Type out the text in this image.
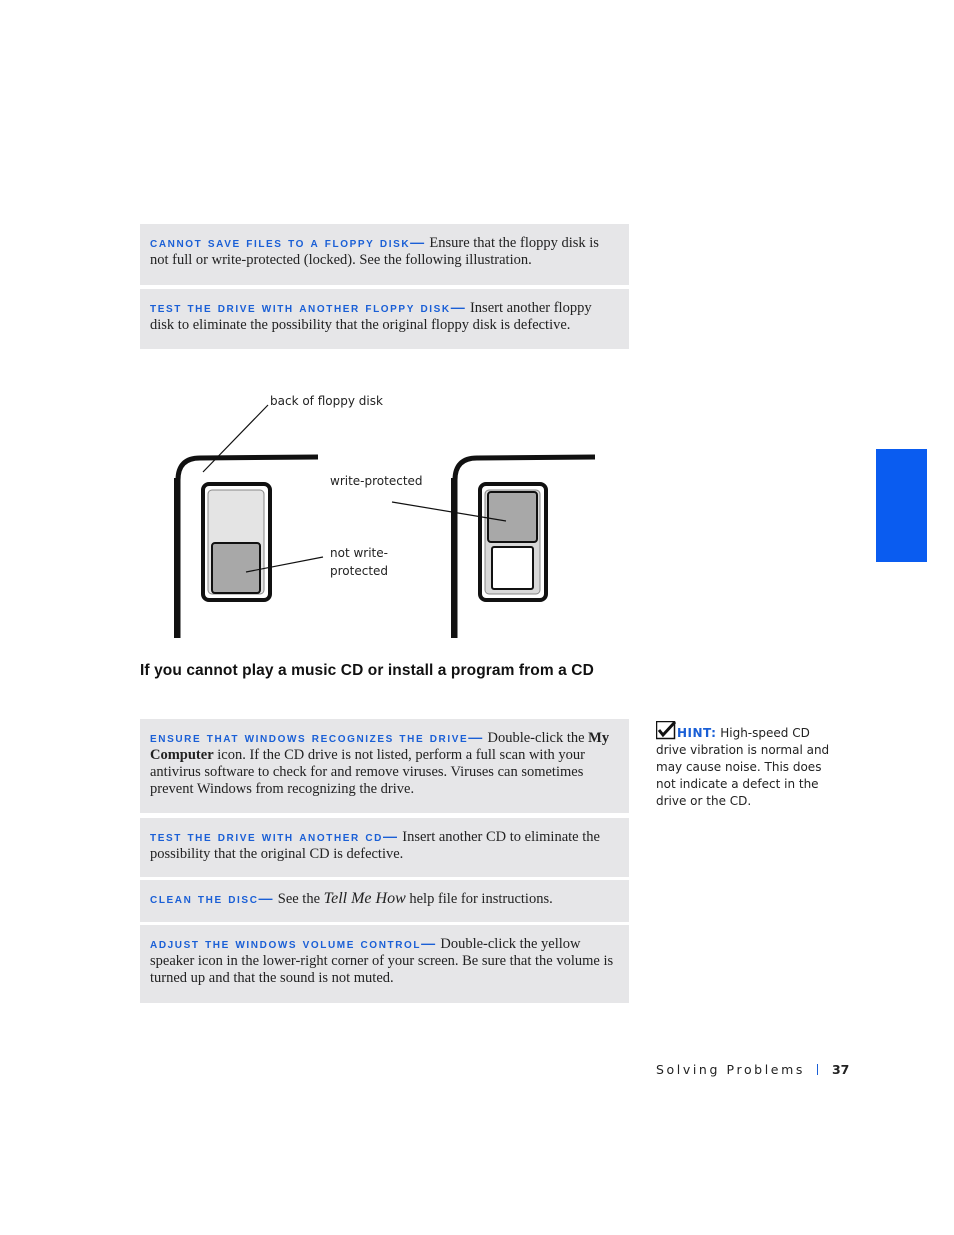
cannot save files to a floppy disk— Ensure that the floppy disk is not full or write-protected (locked). See the following illustration.
test the drive with another floppy disk— Insert another floppy disk to eliminate the possibility that the original floppy disk is defective.
back of floppy disk
write-protected
not write-
protected
If you cannot play a music CD or install a program from a CD
ensure that windows recognizes the drive— Double-click the My Computer icon. If the CD drive is not listed, perform a full scan with your antivirus software to check for and remove viruses. Viruses can sometimes prevent Windows from recognizing the drive.
test the drive with another cd— Insert another CD to eliminate the possibility that the original CD is defective.
clean the disc— See the Tell Me How help file for instructions.
adjust the windows volume control— Double-click the yellow speaker icon in the lower-right corner of your screen. Be sure that the volume is turned up and that the sound is not muted.
HINT: High-speed CD drive vibration is normal and may cause noise. This does not indicate a defect in the drive or the CD.
Solving Problems 37
